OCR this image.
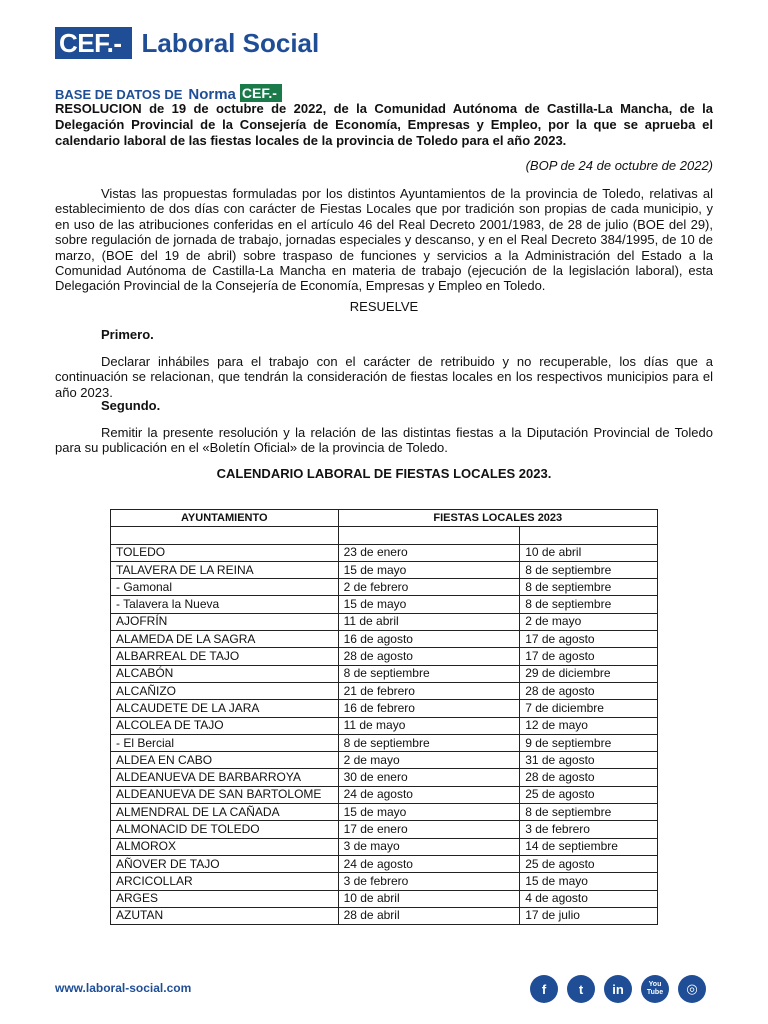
CEF.- Laboral Social
BASE DE DATOS DE Norma CEF.-
RESOLUCION de 19 de octubre de 2022, de la Comunidad Autónoma de Castilla-La Mancha, de la Delegación Provincial de la Consejería de Economía, Empresas y Empleo, por la que se aprueba el calendario laboral de las fiestas locales de la provincia de Toledo para el año 2023.
(BOP de 24 de octubre de 2022)
Vistas las propuestas formuladas por los distintos Ayuntamientos de la provincia de Toledo, relativas al establecimiento de dos días con carácter de Fiestas Locales que por tradición son propias de cada municipio, y en uso de las atribuciones conferidas en el artículo 46 del Real Decreto 2001/1983, de 28 de julio (BOE del 29), sobre regulación de jornada de trabajo, jornadas especiales y descanso, y en el Real Decreto 384/1995, de 10 de marzo, (BOE del 19 de abril) sobre traspaso de funciones y servicios a la Administración del Estado a la Comunidad Autónoma de Castilla-La Mancha en materia de trabajo (ejecución de la legislación laboral), esta Delegación Provincial de la Consejería de Economía, Empresas y Empleo en Toledo.
RESUELVE
Primero.
Declarar inhábiles para el trabajo con el carácter de retribuido y no recuperable, los días que a continuación se relacionan, que tendrán la consideración de fiestas locales en los respectivos municipios para el año 2023.
Segundo.
Remitir la presente resolución y la relación de las distintas fiestas a la Diputación Provincial de Toledo para su publicación en el «Boletín Oficial» de la provincia de Toledo.
CALENDARIO LABORAL DE FIESTAS LOCALES 2023.
AYUNTAMIENTO	FIESTAS LOCALES 2023	

TOLEDO	23 de enero	10 de abril
TALAVERA DE LA REINA	15 de mayo	8 de septiembre
- Gamonal	2 de febrero	8 de septiembre
- Talavera la Nueva	15 de mayo	8 de septiembre
AJOFRÍN	11 de abril	2 de mayo
ALAMEDA DE LA SAGRA	16 de agosto	17 de agosto
ALBARREAL DE TAJO	28 de agosto	17 de agosto
ALCABÓN	8 de septiembre	29 de diciembre
ALCAÑIZO	21 de febrero	28 de agosto
ALCAUDETE DE LA JARA	16 de febrero	7 de diciembre
ALCOLEA DE TAJO	11 de mayo	12 de mayo
- El Bercial	8 de septiembre	9 de septiembre
ALDEA EN CABO	2 de mayo	31 de agosto
ALDEANUEVA DE BARBARROYA	30 de enero	28 de agosto
ALDEANUEVA DE SAN BARTOLOME	24 de agosto	25 de agosto
ALMENDRAL DE LA CAÑADA	15 de mayo	8 de septiembre
ALMONACID DE TOLEDO	17 de enero	3 de febrero
ALMOROX	3 de mayo	14 de septiembre
AÑOVER DE TAJO	24 de agosto	25 de agosto
ARCICOLLAR	3 de febrero	15 de mayo
ARGES	10 de abril	4 de agosto
AZUTAN	28 de abril	17 de julio
www.laboral-social.com	f	t	in	You Tube	◎
